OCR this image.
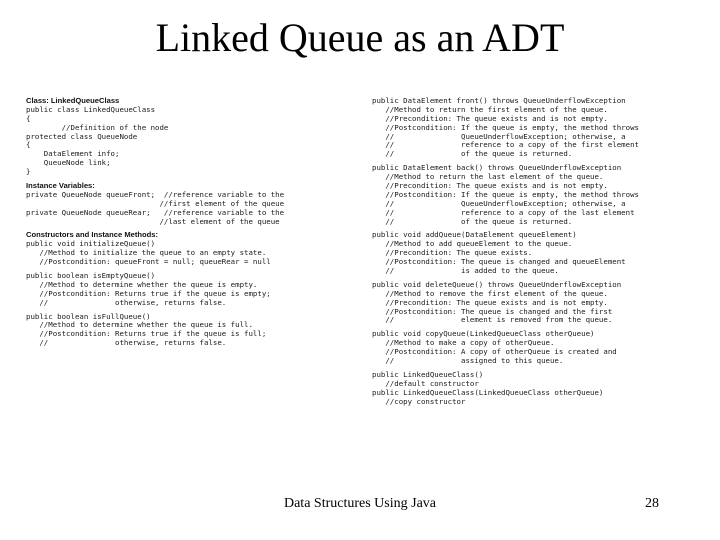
Linked Queue as an ADT
Class: LinkedQueueClass
public class LinkedQueueClass
{
//Definition of the node
protected class QueueNode
{
DataElement info;
QueueNode link;
}
Instance Variables:
private QueueNode queueFront;  //reference variable to the
//first element of the queue
private QueueNode queueRear;   //reference variable to the
//last element of the queue
Constructors and Instance Methods:
public void initializeQueue()
//Method to initialize the queue to an empty state.
//Postcondition: queueFront = null; queueRear = null
public boolean isEmptyQueue()
//Method to determine whether the queue is empty.
//Postcondition: Returns true if the queue is empty;
//               otherwise, returns false.
public boolean isFullQueue()
//Method to determine whether the queue is full.
//Postcondition: Returns true if the queue is full;
//               otherwise, returns false.
public DataElement front() throws QueueUnderflowException
//Method to return the first element of the queue.
//Precondition: The queue exists and is not empty.
//Postcondition: If the queue is empty, the method throws
//               QueueUnderflowException; otherwise, a
//               reference to a copy of the first element
//               of the queue is returned.
public DataElement back() throws QueueUnderflowException
//Method to return the last element of the queue.
//Precondition: The queue exists and is not empty.
//Postcondition: If the queue is empty, the method throws
//               QueueUnderflowException; otherwise, a
//               reference to a copy of the last element
//               of the queue is returned.
public void addQueue(DataElement queueElement)
//Method to add queueElement to the queue.
//Precondition: The queue exists.
//Postcondition: The queue is changed and queueElement
//               is added to the queue.
public void deleteQueue() throws QueueUnderflowException
//Method to remove the first element of the queue.
//Precondition: The queue exists and is not empty.
//Postcondition: The queue is changed and the first
//               element is removed from the queue.
public void copyQueue(LinkedQueueClass otherQueue)
//Method to make a copy of otherQueue.
//Postcondition: A copy of otherQueue is created and
//               assigned to this queue.
public LinkedQueueClass()
//default constructor
public LinkedQueueClass(LinkedQueueClass otherQueue)
//copy constructor
Data Structures Using Java	28
